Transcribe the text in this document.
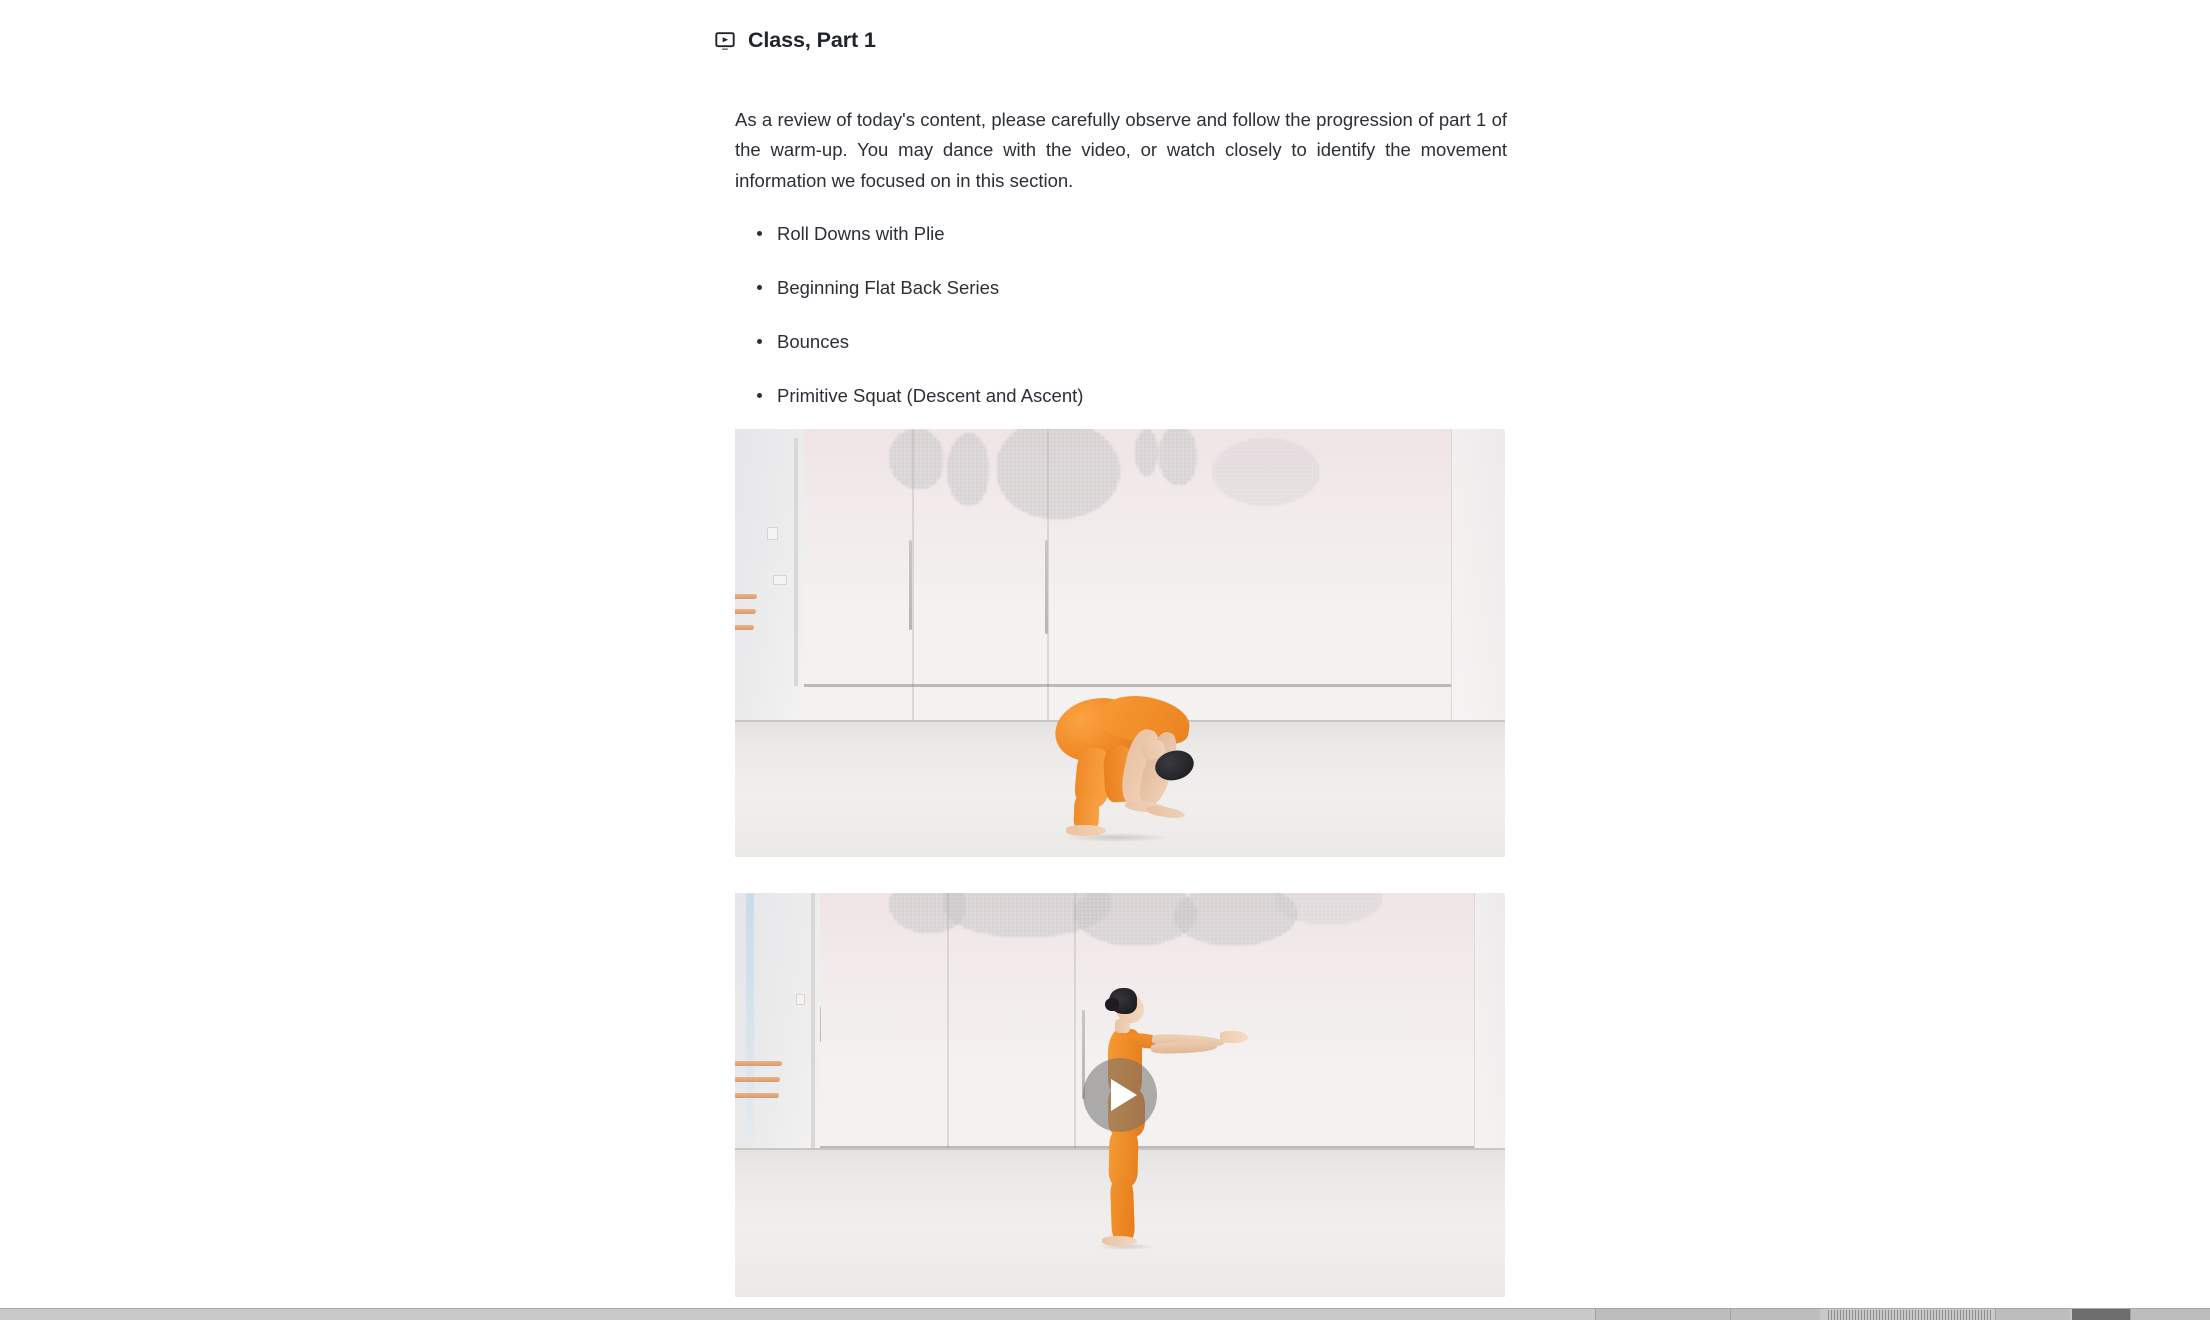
Class, Part 1

As a review of today's content, please carefully observe and follow the progression of part 1 of the warm-up. You may dance with the video, or watch closely to identify the movement information we focused on in this section.

Roll Downs with Plie
Beginning Flat Back Series
Bounces
Primitive Squat (Descent and Ascent)
